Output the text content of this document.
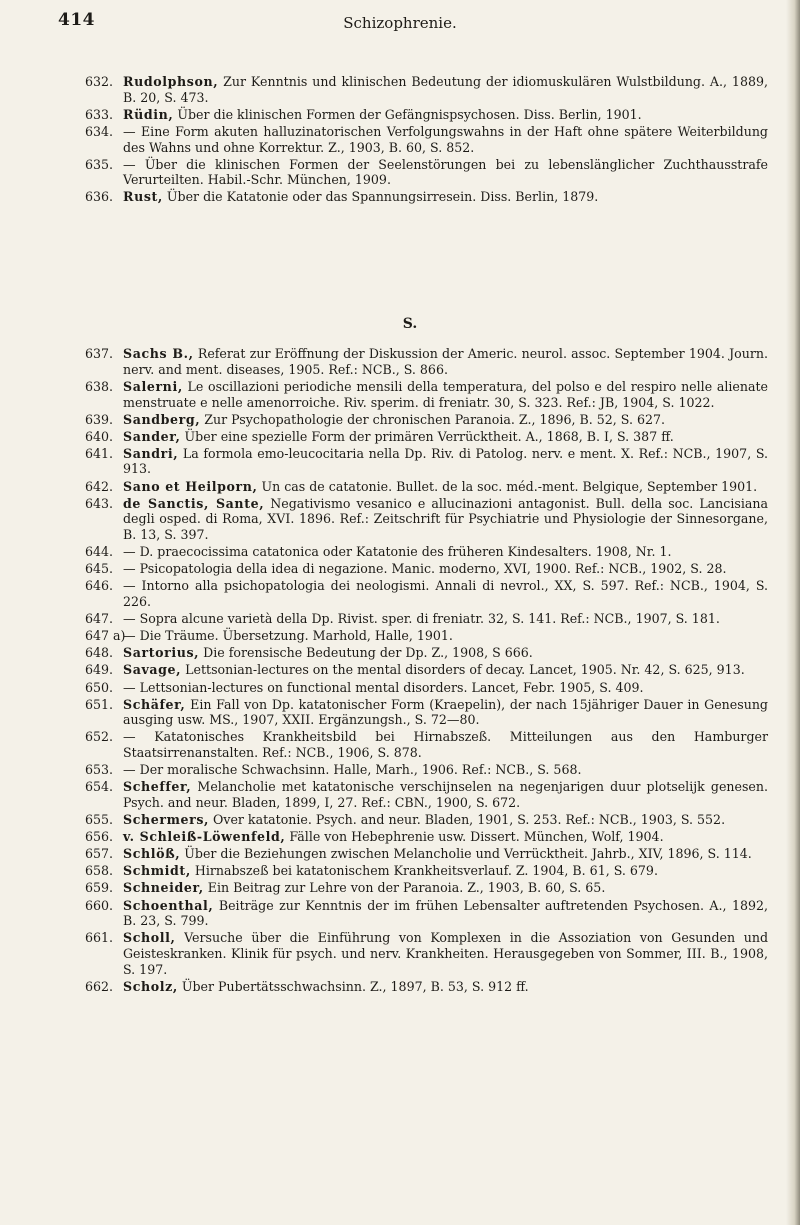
414	Schizophrenie.
632. Rudolphson, Zur Kenntnis und klinischen Bedeutung der idiomuskulären Wulstbildung. A., 1889, B. 20, S. 473.
633. Rüdin, Über die klinischen Formen der Gefängnispsychosen. Diss. Berlin, 1901.
634. — Eine Form akuten halluzinatorischen Verfolgungswahns in der Haft ohne spätere Weiterbildung des Wahns und ohne Korrektur. Z., 1903, B. 60, S. 852.
635. — Über die klinischen Formen der Seelenstörungen bei zu lebenslänglicher Zuchthausstrafe Verurteilten. Habil.-Schr. München, 1909.
636. Rust, Über die Katatonie oder das Spannungsirresein. Diss. Berlin, 1879.
S.
637. Sachs B., Referat zur Eröffnung der Diskussion der Americ. neurol. assoc. September 1904. Journ. nerv. and ment. diseases, 1905. Ref.: NCB., S. 866.
638. Salerni, Le oscillazioni periodiche mensili della temperatura, del polso e del respiro nelle alienate menstruate e nelle amenorroiche. Riv. sperim. di freniatr. 30, S. 323. Ref.: JB, 1904, S. 1022.
639. Sandberg, Zur Psychopathologie der chronischen Paranoia. Z., 1896, B. 52, S. 627.
640. Sander, Über eine spezielle Form der primären Verrücktheit. A., 1868, B. I, S. 387 ff.
641. Sandri, La formola emo-leucocitaria nella Dp. Riv. di Patolog. nerv. e ment. X. Ref.: NCB., 1907, S. 913.
642. Sano et Heilporn, Un cas de catatonie. Bullet. de la soc. méd.-ment. Belgique, September 1901.
643. de Sanctis, Sante, Negativismo vesanico e allucinazioni antagonist. Bull. della soc. Lancisiana degli osped. di Roma, XVI. 1896. Ref.: Zeitschrift für Psychiatrie und Physiologie der Sinnesorgane, B. 13, S. 397.
644. — D. praecocissima catatonica oder Katatonie des früheren Kindesalters. 1908, Nr. 1.
645. — Psicopatologia della idea di negazione. Manic. moderno, XVI, 1900. Ref.: NCB., 1902, S. 28.
646. — Intorno alla psichopatologia dei neologismi. Annali di nevrol., XX, S. 597. Ref.: NCB., 1904, S. 226.
647. — Sopra alcune varietà della Dp. Rivist. sper. di freniatr. 32, S. 141. Ref.: NCB., 1907, S. 181.
647 a)
— Die Träume. Übersetzung. Marhold, Halle, 1901.
648. Sartorius, Die forensische Bedeutung der Dp. Z., 1908, S 666.
649. Savage, Lettsonian-lectures on the mental disorders of decay. Lancet, 1905. Nr. 42, S. 625, 913.
650. — Lettsonian-lectures on functional mental disorders. Lancet, Febr. 1905, S. 409.
651. Schäfer, Ein Fall von Dp. katatonischer Form (Kraepelin), der nach 15jähriger Dauer in Genesung ausging usw. MS., 1907, XXII. Ergänzungsh., S. 72—80.
652. — Katatonisches Krankheitsbild bei Hirnabszeß. Mitteilungen aus den Hamburger Staatsirrenanstalten. Ref.: NCB., 1906, S. 878.
653. — Der moralische Schwachsinn. Halle, Marh., 1906. Ref.: NCB., S. 568.
654. Scheffer, Melancholie met katatonische verschijnselen na negenjarigen duur plotselijk genesen. Psych. and neur. Bladen, 1899, I, 27. Ref.: CBN., 1900, S. 672.
655. Schermers, Over katatonie. Psych. and neur. Bladen, 1901, S. 253. Ref.: NCB., 1903, S. 552.
656. v. Schleiß-Löwenfeld, Fälle von Hebephrenie usw. Dissert. München, Wolf, 1904.
657. Schlöß, Über die Beziehungen zwischen Melancholie und Verrücktheit. Jahrb., XIV, 1896, S. 114.
658. Schmidt, Hirnabszeß bei katatonischem Krankheitsverlauf. Z. 1904, B. 61, S. 679.
659. Schneider, Ein Beitrag zur Lehre von der Paranoia. Z., 1903, B. 60, S. 65.
660. Schoenthal, Beiträge zur Kenntnis der im frühen Lebensalter auftretenden Psychosen. A., 1892, B. 23, S. 799.
661. Scholl, Versuche über die Einführung von Komplexen in die Assoziation von Gesunden und Geisteskranken. Klinik für psych. und nerv. Krankheiten. Herausgegeben von Sommer, III. B., 1908, S. 197.
662. Scholz, Über Pubertätsschwachsinn. Z., 1897, B. 53, S. 912 ff.
